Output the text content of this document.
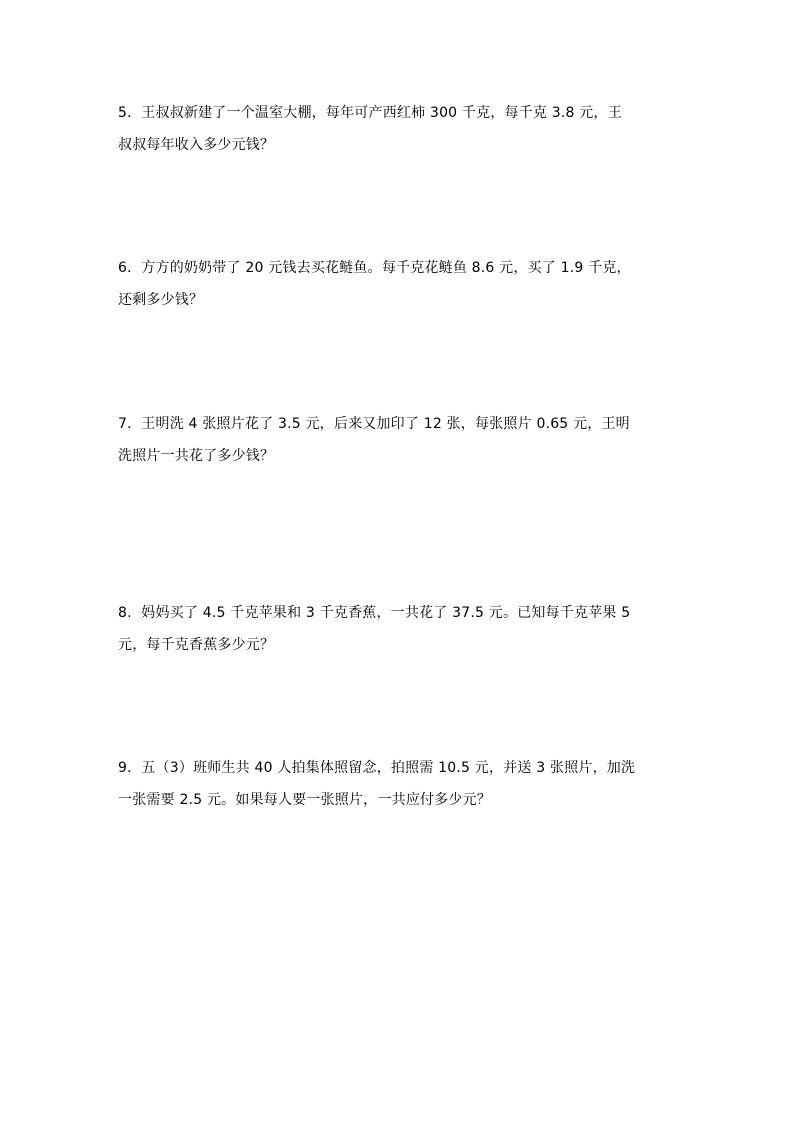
5．王叔叔新建了一个温室大棚，每年可产西红柿 300 千克，每千克 3.8 元，王
叔叔每年收入多少元钱？
6．方方的奶奶带了 20 元钱去买花鲢鱼。每千克花鲢鱼 8.6 元，买了 1.9 千克，
还剩多少钱？
7．王明洗 4 张照片花了 3.5 元，后来又加印了 12 张，每张照片 0.65 元，王明
洗照片一共花了多少钱？
8．妈妈买了 4.5 千克苹果和 3 千克香蕉，一共花了 37.5 元。已知每千克苹果 5
元，每千克香蕉多少元？
9．五（3）班师生共 40 人拍集体照留念，拍照需 10.5 元，并送 3 张照片，加洗
一张需要 2.5 元。如果每人要一张照片，一共应付多少元？
